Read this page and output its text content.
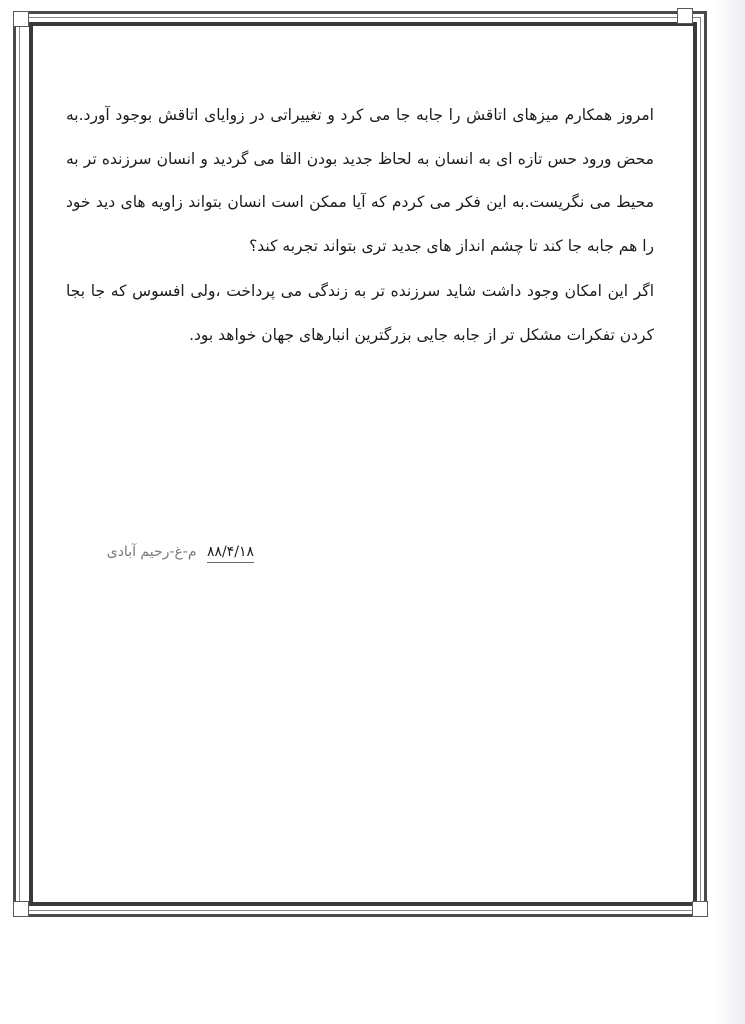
امروز همکارم میزهای اتاقش را جابه جا می کرد و تغییراتی در زوایای اتاقش بوجود آورد.به محض ورود حس تازه ای به انسان به لحاظ جدید بودن القا می گردید و انسان سرزنده تر به محیط می نگریست.به این فکر می کردم که آیا ممکن است انسان بتواند زاویه های دید خود را هم جابه جا کند تا چشم انداز های جدید تری بتواند تجربه کند؟

اگر این امکان وجود داشت شاید سرزنده تر به زندگی می پرداخت ،ولی افسوس که جا بجا کردن تفکرات مشکل تر از جابه جایی بزرگترین انبارهای جهان خواهد بود.

۸۸/۴/۱۸ م-غ-رحیم آبادی
